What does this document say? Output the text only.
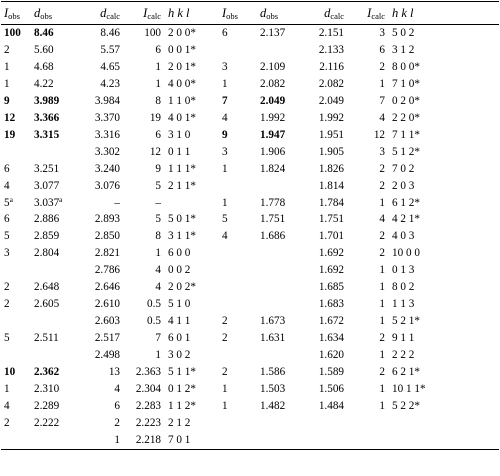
$I_{obs}$	$d_{obs}$	$d_{calc}$	$I_{calc}$	h k l	$I_{obs}$	$d_{obs}$	$d_{calc}$	$I_{calc}$	h k l
100	8.46	8.46	100	2 0 0*	6	2.137	2.151	3	5 0 2
2	5.60	5.57	6	0 0 1*			2.133	6	3 1 2
1	4.68	4.65	1	2 0 1*	3	2.109	2.116	2	8 0 0*
1	4.22	4.23	1	4 0 0*	1	2.082	2.082	1	7 1 0*
9	3.989	3.984	8	1 1 0*	7	2.049	2.049	7	0 2 0*
12	3.366	3.370	19	4 0 1*	4	1.992	1.992	4	2 2 0*
19	3.315	3.316	6	3 1 0	9	1.947	1.951	12	7 1 1*
		3.302	12	0 1 1	3	1.906	1.905	3	5 1 2*
6	3.251	3.240	9	1 1 1*	1	1.824	1.826	2	7 0 2
4	3.077	3.076	5	2 1 1*			1.814	2	2 0 3
5$^a$	3.037$^a$	–	–		1	1.778	1.784	1	6 1 2*
6	2.886	2.893	5	5 0 1*	5	1.751	1.751	4	4 2 1*
5	2.859	2.850	8	3 1 1*	4	1.686	1.701	2	4 0 3
3	2.804	2.821	1	6 0 0			1.692	2	10 0 0
		2.786	4	0 0 2			1.692	1	0 1 3
2	2.648	2.646	4	2 0 2*			1.685	1	8 0 2
2	2.605	2.610	0.5	5 1 0			1.683	1	1 1 3
		2.603	0.5	4 1 1	2	1.673	1.672	1	5 2 1*
5	2.511	2.517	7	6 0 1	2	1.631	1.634	2	9 1 1
		2.498	1	3 0 2			1.620	1	2 2 2
10	2.362	13	2.363	5 1 1*	2	1.586	1.589	2	6 2 1*
1	2.310	4	2.304	0 1 2*	1	1.503	1.506	1	10 1 1*
4	2.289	6	2.283	1 1 2*	1	1.482	1.484	1	5 2 2*
2	2.222	2	2.223	2 1 2					
		1	2.218	7 0 1					
